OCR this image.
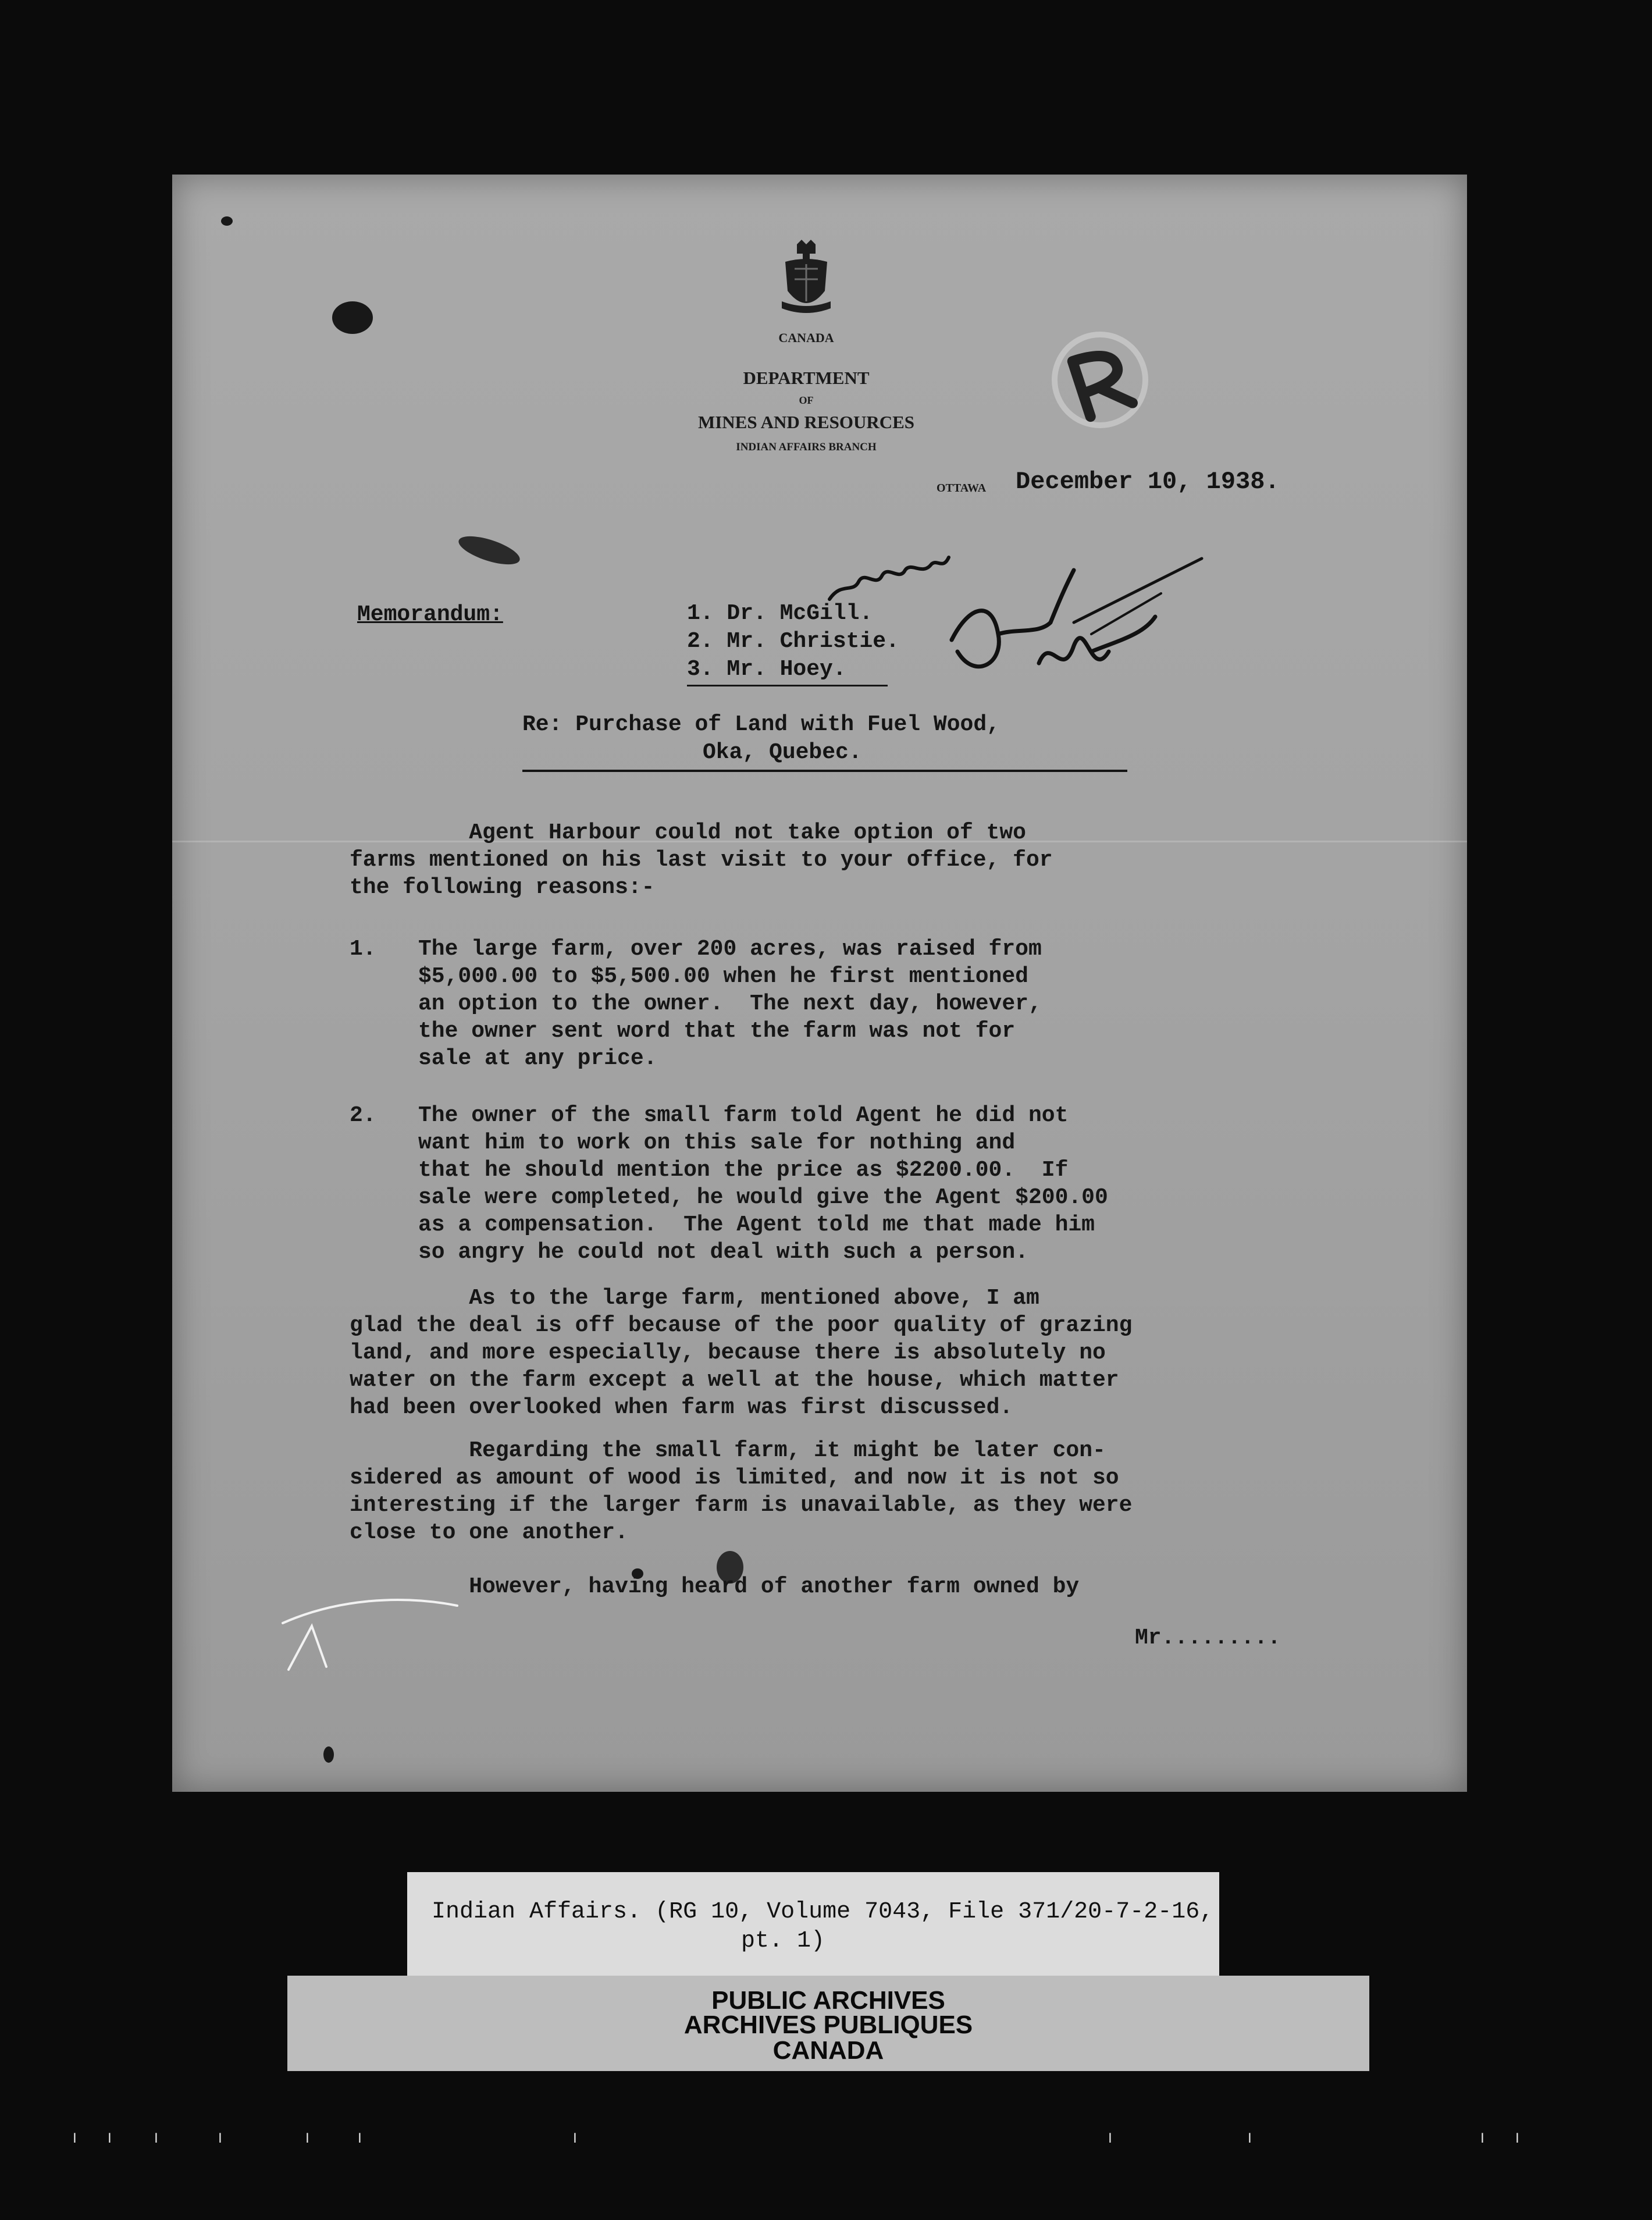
CANADA
DEPARTMENT
OF
MINES AND RESOURCES
INDIAN AFFAIRS BRANCH
OTTAWA December 10, 1938.
Memorandum:	1. Dr. McGill.
2. Mr. Christie.
3. Mr. Hoey.
Re: Purchase of Land with Fuel Wood,
Oka, Quebec.
Agent Harbour could not take option of two
farms mentioned on his last visit to your office, for
the following reasons:-
1. The large farm, over 200 acres, was raised from
$5,000.00 to $5,500.00 when he first mentioned
an option to the owner.  The next day, however,
the owner sent word that the farm was not for
sale at any price.
2. The owner of the small farm told Agent he did not
want him to work on this sale for nothing and
that he should mention the price as $2200.00.  If
sale were completed, he would give the Agent $200.00
as a compensation.  The Agent told me that made him
so angry he could not deal with such a person.
As to the large farm, mentioned above, I am
glad the deal is off because of the poor quality of grazing
land, and more especially, because there is absolutely no
water on the farm except a well at the house, which matter
had been overlooked when farm was first discussed.
Regarding the small farm, it might be later con-
sidered as amount of wood is limited, and now it is not so
interesting if the larger farm is unavailable, as they were
close to one another.
However, having heard of another farm owned by
Mr.........
Indian Affairs. (RG 10, Volume 7043, File 371/20-7-2-16,
pt. 1)
PUBLIC ARCHIVES
ARCHIVES PUBLIQUES
CANADA
╷ ╷ ╷	╷	╷	╷	╷	╷	╷	╷ ╷
